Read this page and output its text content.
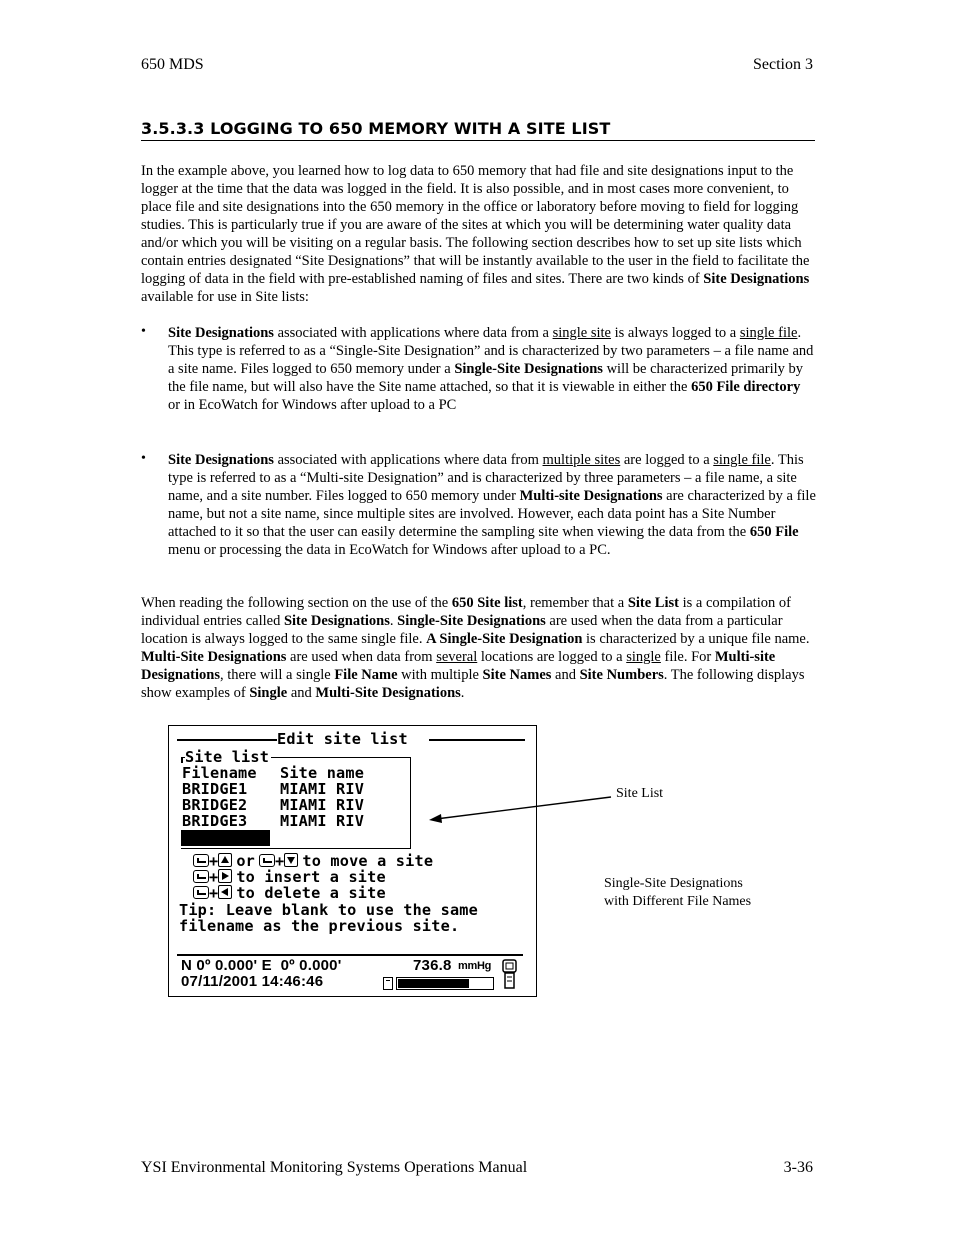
650 MDS	Section 3
3.5.3.3 LOGGING TO 650 MEMORY WITH A SITE LIST
In the example above, you learned how to log data to 650 memory that had file and site designations input to the logger at the time that the data was logged in the field. It is also possible, and in most cases more convenient, to place file and site designations into the 650 memory in the office or laboratory before moving to field for logging studies. This is particularly true if you are aware of the sites at which you will be determining water quality data and/or which you will be visiting on a regular basis. The following section describes how to set up site lists which contain entries designated “Site Designations” that will be instantly available to the user in the field to facilitate the logging of data in the field with pre-established naming of files and sites. There are two kinds of Site Designations available for use in Site lists:
• Site Designations associated with applications where data from a single site is always logged to a single file. This type is referred to as a “Single-Site Designation” and is characterized by two parameters – a file name and a site name. Files logged to 650 memory under a Single-Site Designations will be characterized primarily by the file name, but will also have the Site name attached, so that it is viewable in either the 650 File directory or in EcoWatch for Windows after upload to a PC
• Site Designations associated with applications where data from multiple sites are logged to a single file. This type is referred to as a “Multi-site Designation” and is characterized by three parameters – a file name, a site name, and a site number. Files logged to 650 memory under Multi-site Designations are characterized by a file name, but not a site name, since multiple sites are involved. However, each data point has a Site Number attached to it so that the user can easily determine the sampling site when viewing the data from the 650 File menu or processing the data in EcoWatch for Windows after upload to a PC.
When reading the following section on the use of the 650 Site list, remember that a Site List is a compilation of individual entries called Site Designations. Single-Site Designations are used when the data from a particular location is always logged to the same single file. A Single-Site Designation is characterized by a unique file name. Multi-Site Designations are used when data from several locations are logged to a single file. For Multi-site Designations, there will a single File Name with multiple Site Names and Site Numbers. The following displays show examples of Single and Multi-Site Designations.
Edit site list
Site list
Filename Site name
BRIDGE1 MIAMI RIV
BRIDGE2 MIAMI RIV
BRIDGE3 MIAMI RIV
+ or + to move a site
+ to insert a site
+ to delete a site
Tip: Leave blank to use the same
filename as the previous site.
N 0º 0.000' E  0º 0.000'	736.8 mmHg
07/11/2001 14:46:46
Site List
Single-Site Designations
with Different File Names
YSI Environmental Monitoring Systems Operations Manual	3-36
